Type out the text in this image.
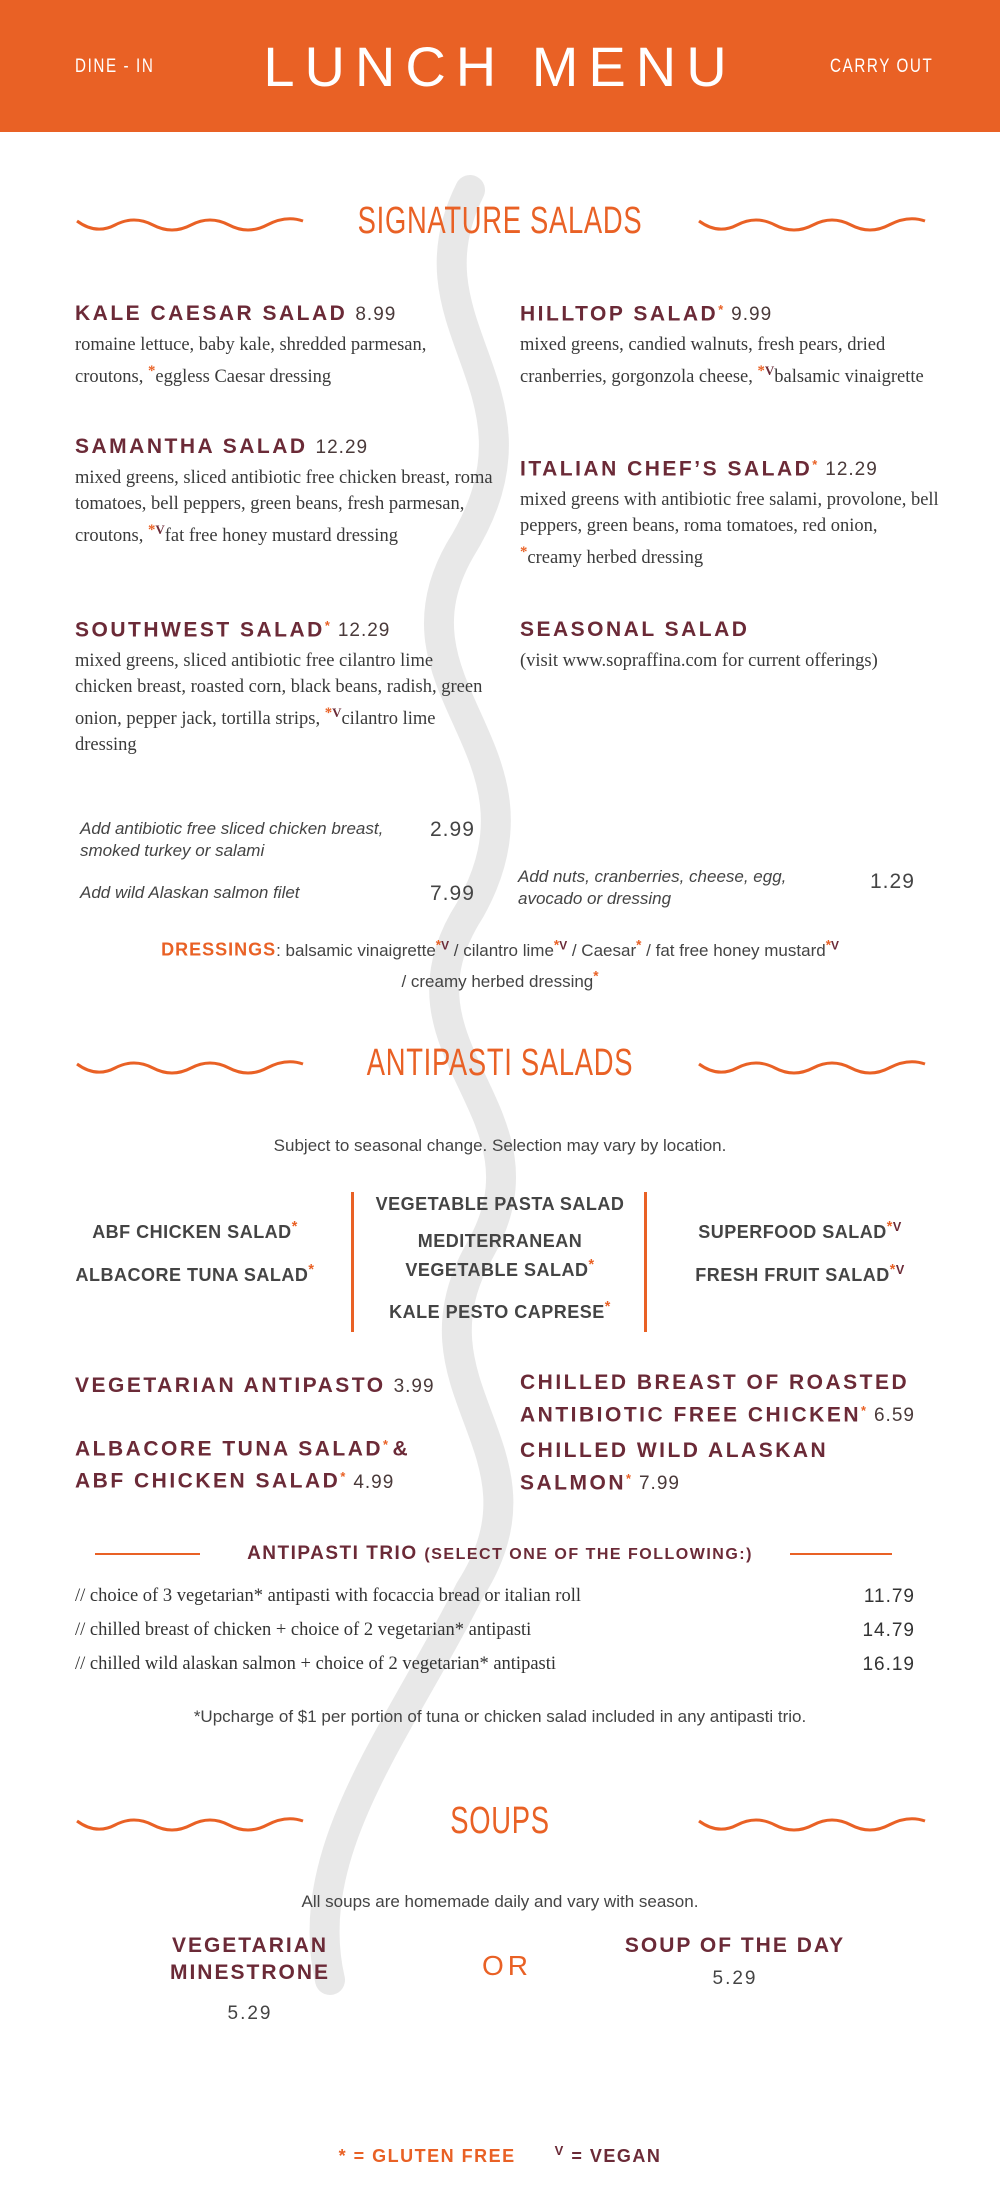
DINE - IN	LUNCH MENU	CARRY OUT
SIGNATURE SALADS
ANTIPASTI SALADS
SOUPS
KALE CAESAR SALAD 8.99
romaine lettuce, baby kale, shredded parmesan, croutons, *eggless Caesar dressing
SAMANTHA SALAD 12.29
mixed greens, sliced antibiotic free chicken breast, roma tomatoes, bell peppers, green beans, fresh parmesan, croutons, $^{*V}$fat free honey mustard dressing
SOUTHWEST SALAD* 12.29
mixed greens, sliced antibiotic free cilantro lime chicken breast, roasted corn, black beans, radish, green onion, pepper jack, tortilla strips, $^{*V}$cilantro lime dressing
HILLTOP SALAD* 9.99
mixed greens, candied walnuts, fresh pears, dried cranberries, gorgonzola cheese, $^{*V}$balsamic vinaigrette
ITALIAN CHEF’S SALAD* 12.29
mixed greens with antibiotic free salami, provolone, bell peppers, green beans, roma tomatoes, red onion, *creamy herbed dressing
SEASONAL SALAD
(visit www.sopraffina.com for current offerings)
Add antibiotic free sliced chicken breast, smoked turkey or salami
2.99
Add wild Alaskan salmon filet	7.99
Add nuts, cranberries, cheese, egg, avocado or dressing
1.29
DRESSINGS: balsamic vinaigrette$^{*V}$ / cilantro lime$^{*V}$ / Caesar* / fat free honey mustard$^{*V}$
/ creamy herbed dressing*
Subject to seasonal change. Selection may vary by location.
ABF CHICKEN SALAD*
ALBACORE TUNA SALAD*
VEGETABLE PASTA SALAD
MEDITERRANEAN
VEGETABLE SALAD*
KALE PESTO CAPRESE*
SUPERFOOD $SALAD^{*V}$
FRESH FRUIT $SALAD^{*V}$
VEGETARIAN ANTIPASTO 3.99
ALBACORE TUNA SALAD* & ABF CHICKEN SALAD* 4.99
CHILLED BREAST OF ROASTED ANTIBIOTIC FREE CHICKEN* 6.59
CHILLED WILD ALASKAN SALMON* 7.99
ANTIPASTI TRIO (SELECT ONE OF THE FOLLOWING:)
// choice of 3 vegetarian* antipasti with focaccia bread or italian roll	11.79
// chilled breast of chicken + choice of 2 vegetarian* antipasti	14.79
// chilled wild alaskan salmon + choice of 2 vegetarian* antipasti	16.19
*Upcharge of $1 per portion of tuna or chicken salad included in any antipasti trio.
All soups are homemade daily and vary with season.
VEGETARIAN MINESTRONE
5.29
OR
SOUP OF THE DAY
5.29
* = GLUTEN FREE	$^V$ = VEGAN
